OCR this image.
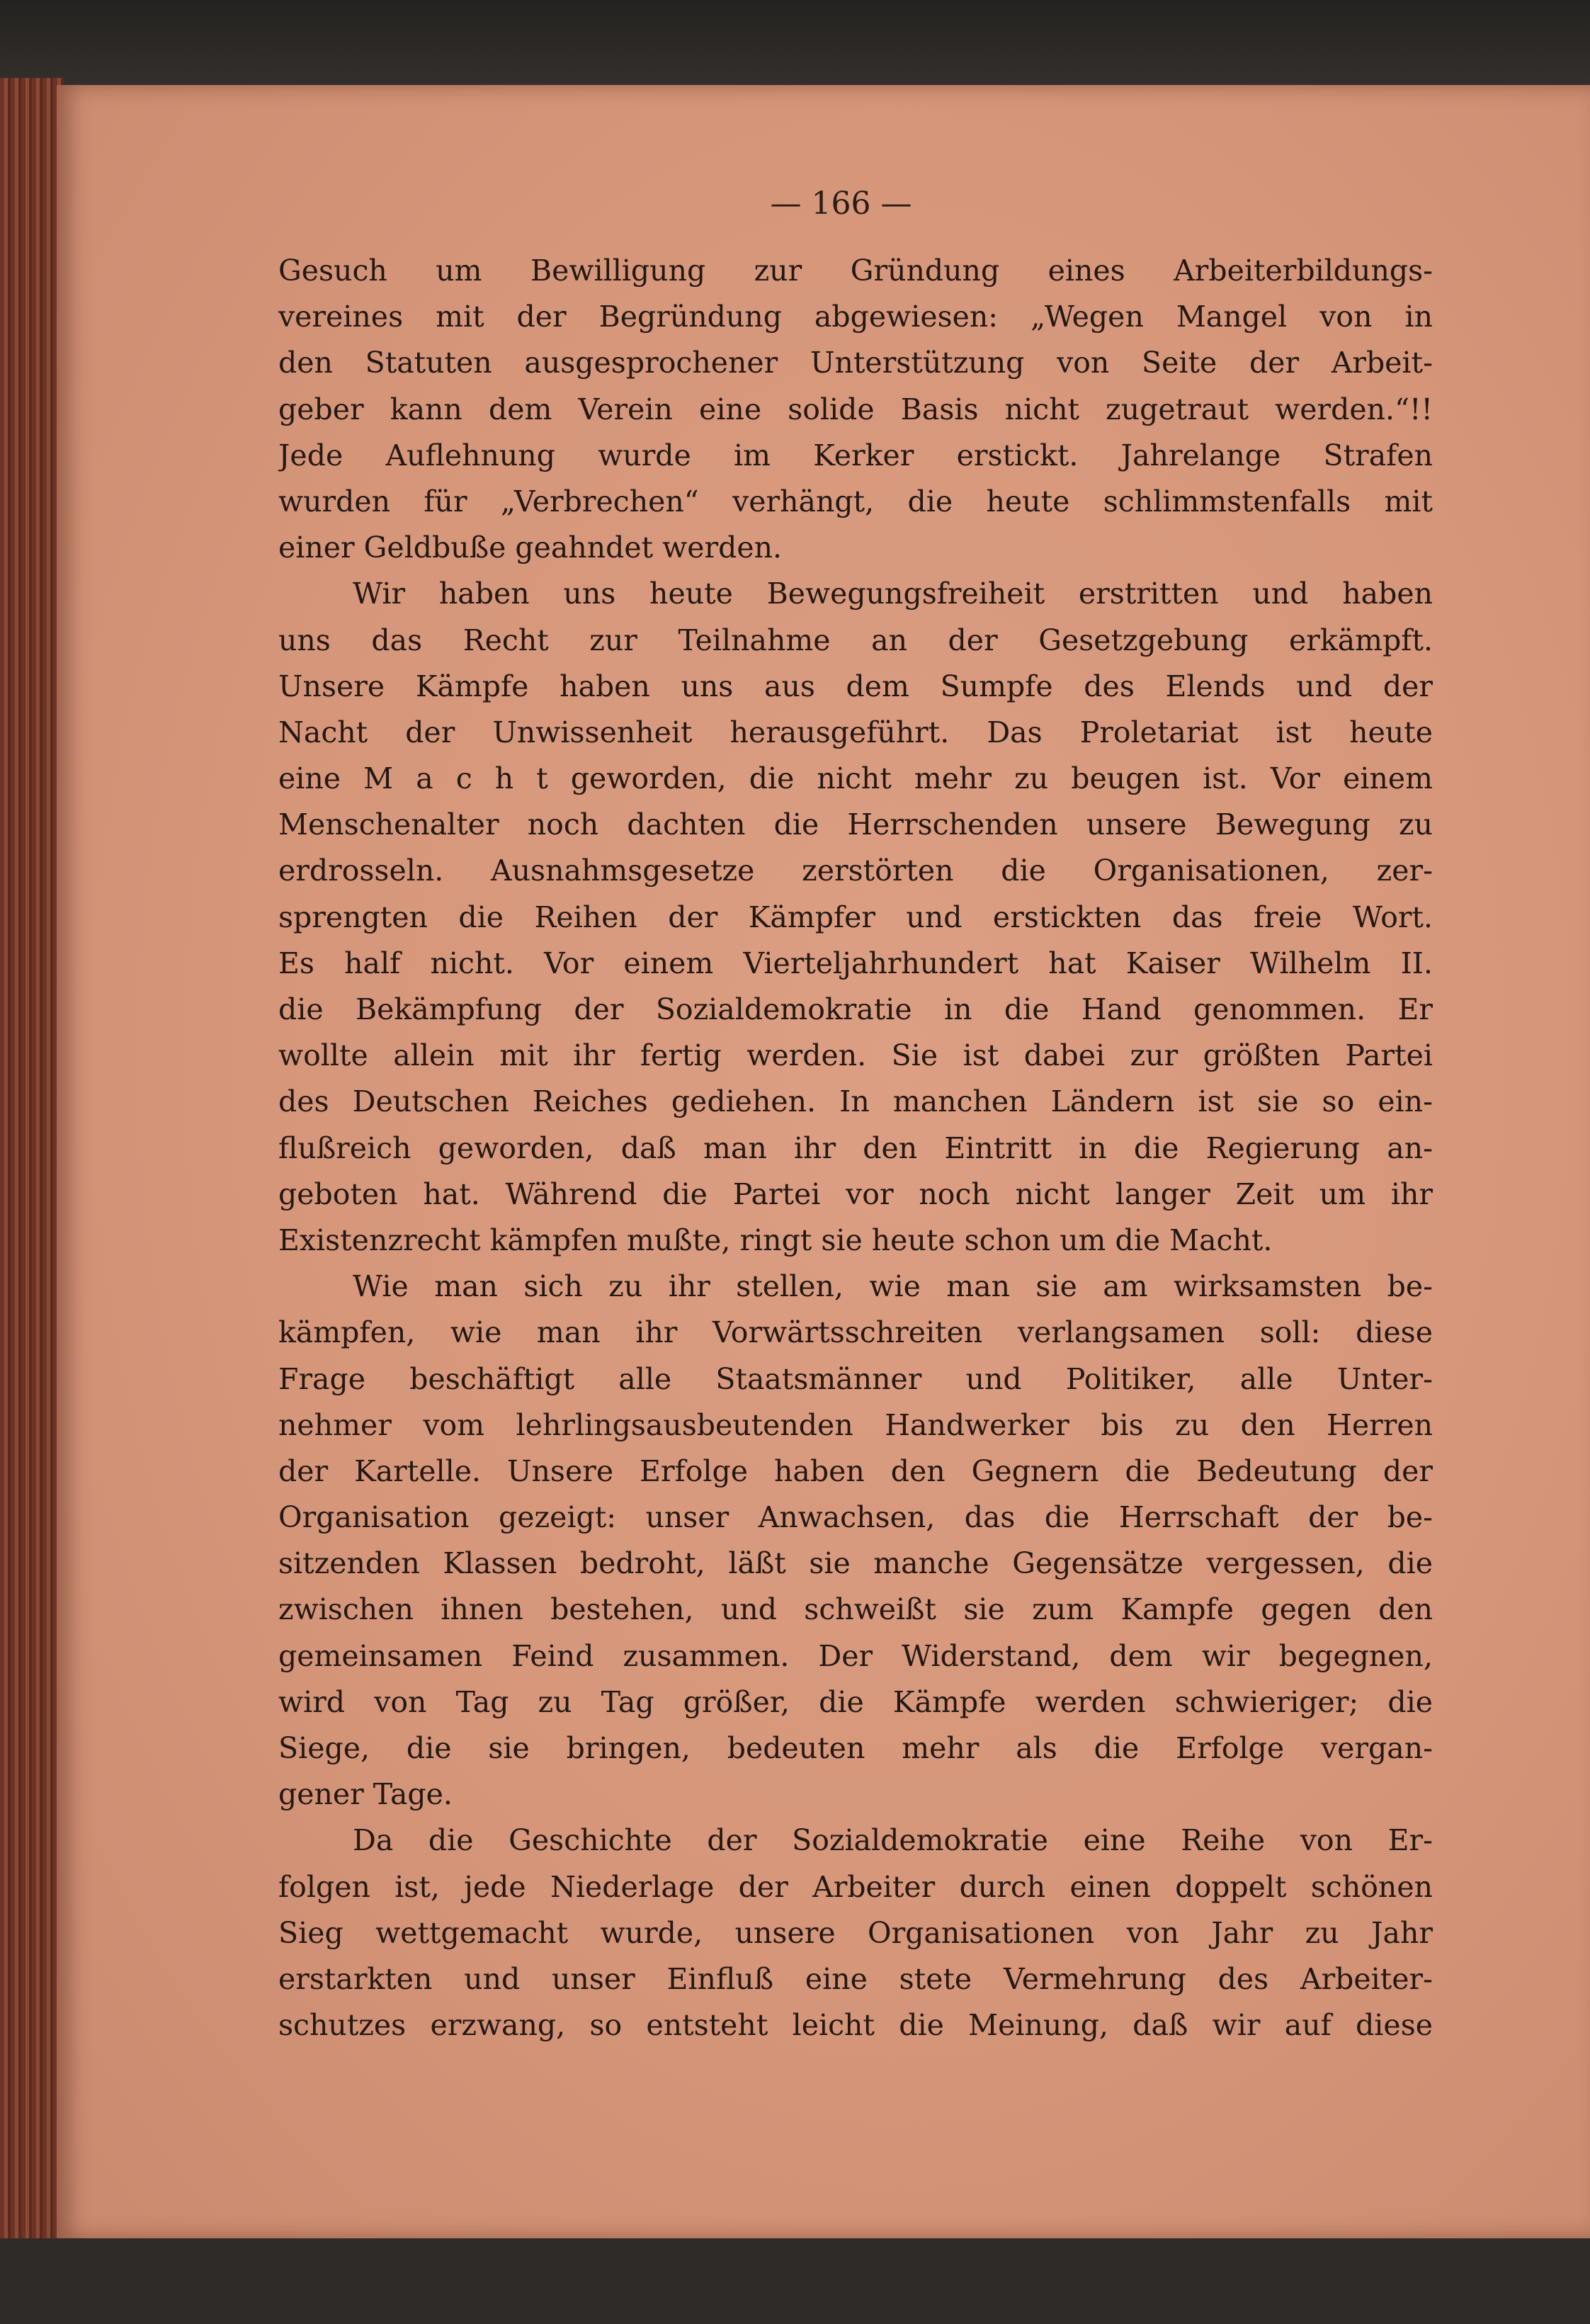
— 166 —
Gesuch um Bewilligung zur Gründung eines Arbeiterbildungs-
vereines mit der Begründung abgewiesen: „Wegen Mangel von in
den Statuten ausgesprochener Unterstützung von Seite der Arbeit-
geber kann dem Verein eine solide Basis nicht zugetraut werden.“!!
Jede Auflehnung wurde im Kerker erstickt. Jahrelange Strafen
wurden für „Verbrechen“ verhängt, die heute schlimmstenfalls mit
einer Geldbuße geahndet werden.
Wir haben uns heute Bewegungsfreiheit erstritten und haben
uns das Recht zur Teilnahme an der Gesetzgebung erkämpft.
Unsere Kämpfe haben uns aus dem Sumpfe des Elends und der
Nacht der Unwissenheit herausgeführt. Das Proletariat ist heute
eine M a c h t geworden, die nicht mehr zu beugen ist. Vor einem
Menschenalter noch dachten die Herrschenden unsere Bewegung zu
erdrosseln. Ausnahmsgesetze zerstörten die Organisationen, zer-
sprengten die Reihen der Kämpfer und erstickten das freie Wort.
Es half nicht. Vor einem Vierteljahrhundert hat Kaiser Wilhelm II.
die Bekämpfung der Sozialdemokratie in die Hand genommen. Er
wollte allein mit ihr fertig werden. Sie ist dabei zur größten Partei
des Deutschen Reiches gediehen. In manchen Ländern ist sie so ein-
flußreich geworden, daß man ihr den Eintritt in die Regierung an-
geboten hat. Während die Partei vor noch nicht langer Zeit um ihr
Existenzrecht kämpfen mußte, ringt sie heute schon um die Macht.
Wie man sich zu ihr stellen, wie man sie am wirksamsten be-
kämpfen, wie man ihr Vorwärtsschreiten verlangsamen soll: diese
Frage beschäftigt alle Staatsmänner und Politiker, alle Unter-
nehmer vom lehrlingsausbeutenden Handwerker bis zu den Herren
der Kartelle. Unsere Erfolge haben den Gegnern die Bedeutung der
Organisation gezeigt: unser Anwachsen, das die Herrschaft der be-
sitzenden Klassen bedroht, läßt sie manche Gegensätze vergessen, die
zwischen ihnen bestehen, und schweißt sie zum Kampfe gegen den
gemeinsamen Feind zusammen. Der Widerstand, dem wir begegnen,
wird von Tag zu Tag größer, die Kämpfe werden schwieriger; die
Siege, die sie bringen, bedeuten mehr als die Erfolge vergan-
gener Tage.
Da die Geschichte der Sozialdemokratie eine Reihe von Er-
folgen ist, jede Niederlage der Arbeiter durch einen doppelt schönen
Sieg wettgemacht wurde, unsere Organisationen von Jahr zu Jahr
erstarkten und unser Einfluß eine stete Vermehrung des Arbeiter-
schutzes erzwang, so entsteht leicht die Meinung, daß wir auf diese
